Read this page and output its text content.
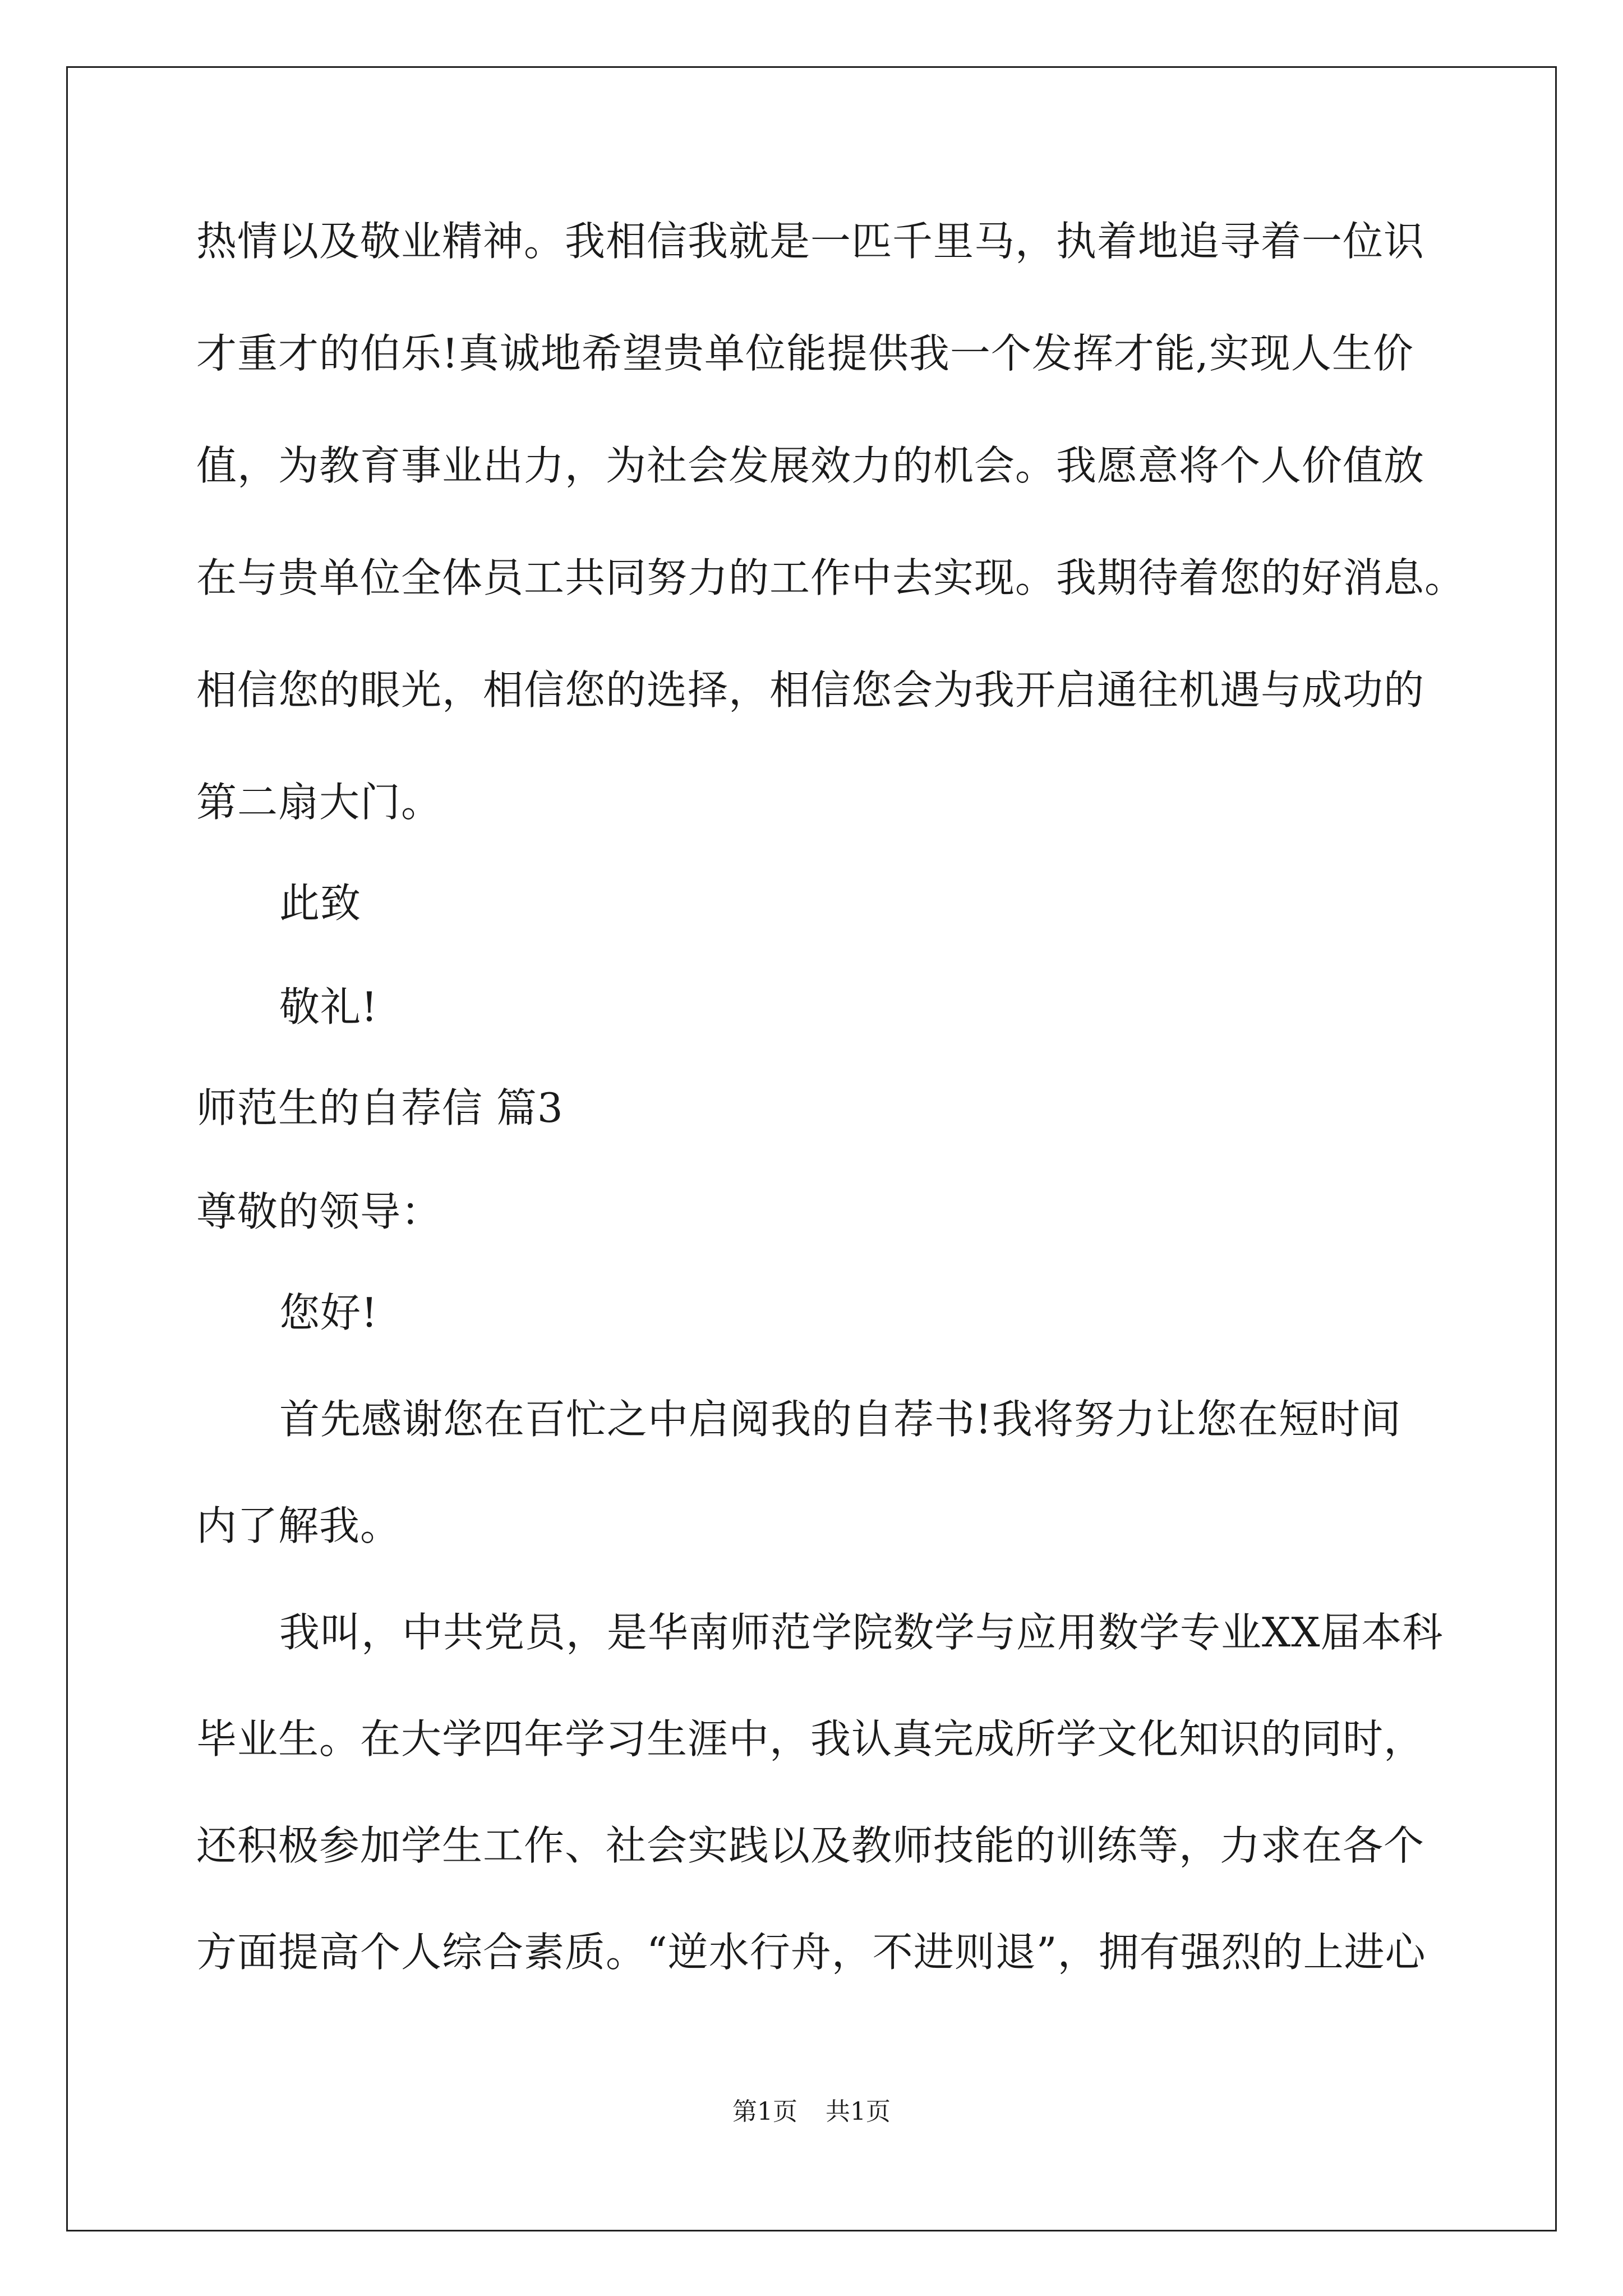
热情以及敬业精神。我相信我就是一匹千里马，执着地追寻着一位识
才重才的伯乐!真诚地希望贵单位能提供我一个发挥才能,实现人生价
值，为教育事业出力，为社会发展效力的机会。我愿意将个人价值放
在与贵单位全体员工共同努力的工作中去实现。我期待着您的好消息。
相信您的眼光，相信您的选择，相信您会为我开启通往机遇与成功的
第二扇大门。
此致
敬礼!
师范生的自荐信 篇3
尊敬的领导：
您好!
首先感谢您在百忙之中启阅我的自荐书!我将努力让您在短时间
内了解我。
我叫，中共党员，是华南师范学院数学与应用数学专业XX届本科
毕业生。在大学四年学习生涯中，我认真完成所学文化知识的同时，
还积极参加学生工作、社会实践以及教师技能的训练等，力求在各个
方面提高个人综合素质。“逆水行舟，不进则退”，拥有强烈的上进心
第1页 共1页
